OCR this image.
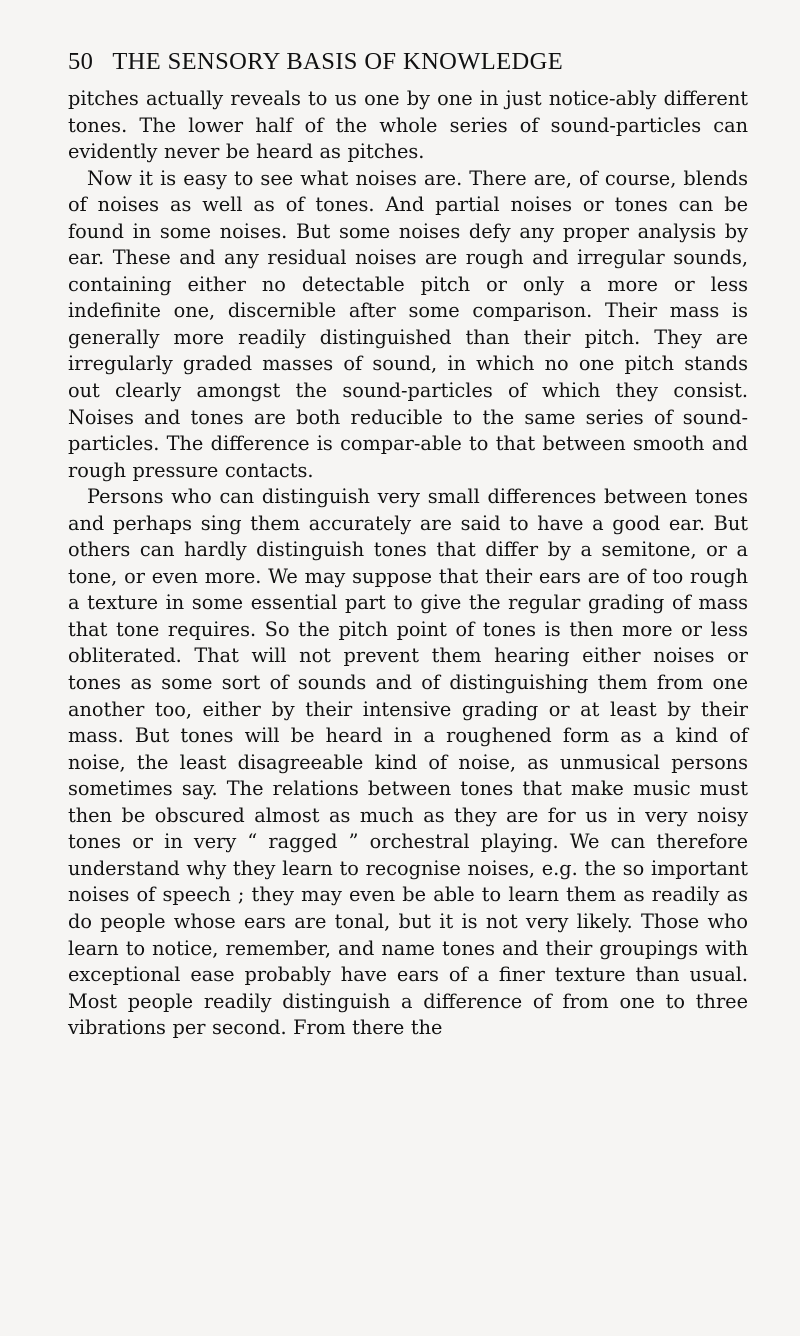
50 THE SENSORY BASIS OF KNOWLEDGE

pitches actually reveals to us one by one in just notice-ably different tones. The lower half of the whole series of sound-particles can evidently never be heard as pitches.

Now it is easy to see what noises are. There are, of course, blends of noises as well as of tones. And partial noises or tones can be found in some noises. But some noises defy any proper analysis by ear. These and any residual noises are rough and irregular sounds, containing either no detectable pitch or only a more or less indefinite one, discernible after some comparison. Their mass is generally more readily distinguished than their pitch. They are irregularly graded masses of sound, in which no one pitch stands out clearly amongst the sound-particles of which they consist. Noises and tones are both reducible to the same series of sound-particles. The difference is compar-able to that between smooth and rough pressure contacts.

Persons who can distinguish very small differences between tones and perhaps sing them accurately are said to have a good ear. But others can hardly distinguish tones that differ by a semitone, or a tone, or even more. We may suppose that their ears are of too rough a texture in some essential part to give the regular grading of mass that tone requires. So the pitch point of tones is then more or less obliterated. That will not prevent them hearing either noises or tones as some sort of sounds and of distinguishing them from one another too, either by their intensive grading or at least by their mass. But tones will be heard in a roughened form as a kind of noise, the least disagreeable kind of noise, as unmusical persons sometimes say. The relations between tones that make music must then be obscured almost as much as they are for us in very noisy tones or in very “ ragged ” orchestral playing. We can therefore understand why they learn to recognise noises, e.g. the so important noises of speech ; they may even be able to learn them as readily as do people whose ears are tonal, but it is not very likely. Those who learn to notice, remember, and name tones and their groupings with exceptional ease probably have ears of a finer texture than usual. Most people readily distinguish a difference of from one to three vibrations per second. From there the
